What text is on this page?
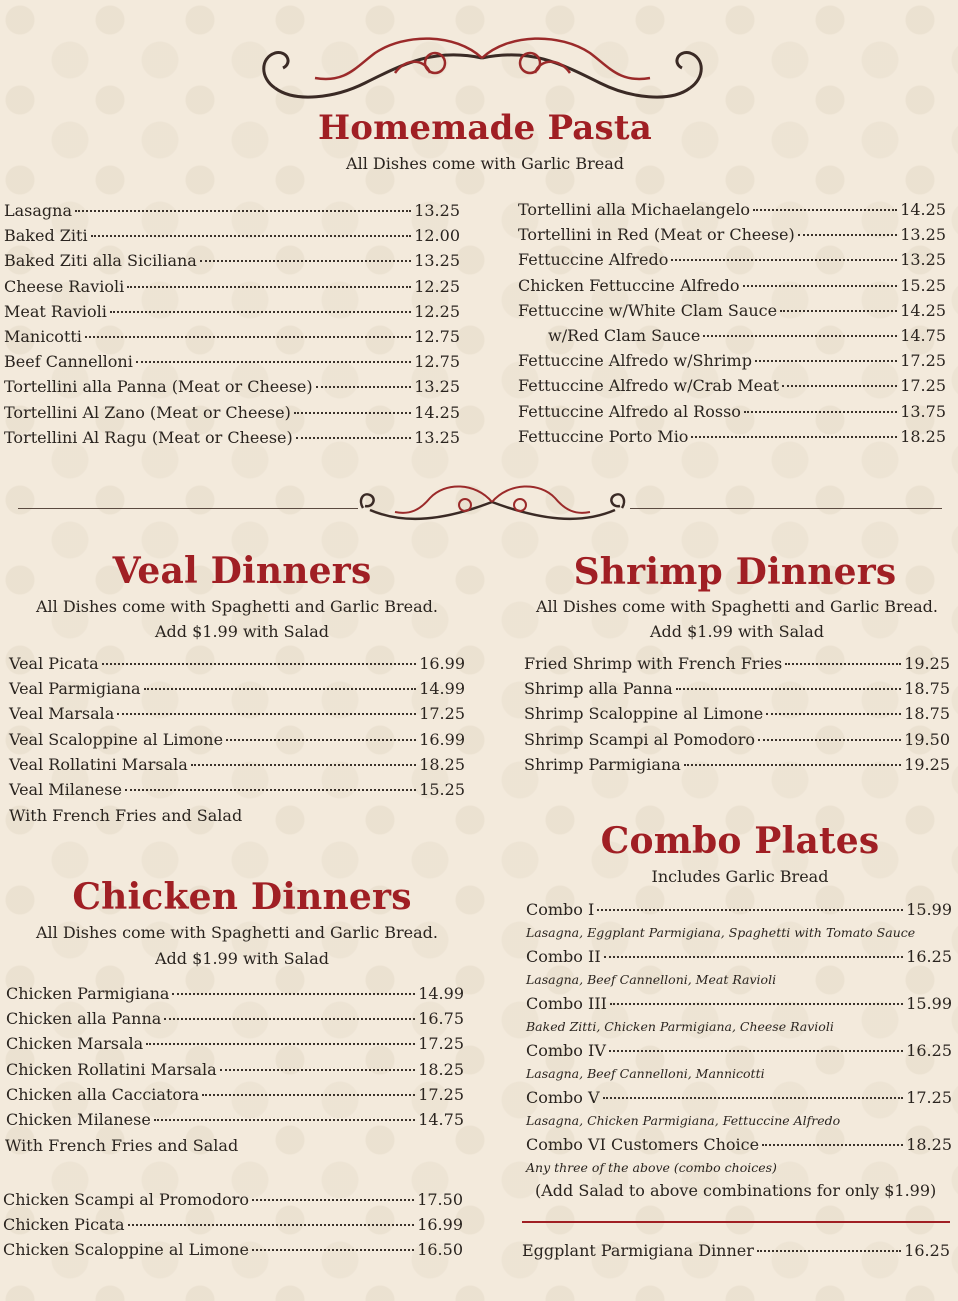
Homemade Pasta
All Dishes come with Garlic Bread
Lasagna	13.25
Baked Ziti	12.00
Baked Ziti alla Siciliana	13.25
Cheese Ravioli	12.25
Meat Ravioli	12.25
Manicotti	12.75
Beef Cannelloni	12.75
Tortellini alla Panna (Meat or Cheese)	13.25
Tortellini Al Zano (Meat or Cheese)	14.25
Tortellini Al Ragu (Meat or Cheese)	13.25
Tortellini alla Michaelangelo	14.25
Tortellini in Red (Meat or Cheese)	13.25
Fettuccine Alfredo	13.25
Chicken Fettuccine Alfredo	15.25
Fettuccine w/White Clam Sauce	14.25
w/Red Clam Sauce	14.75
Fettuccine Alfredo w/Shrimp	17.25
Fettuccine Alfredo w/Crab Meat	17.25
Fettuccine Alfredo al Rosso	13.75
Fettuccine Porto Mio	18.25
Veal Dinners
All Dishes come with Spaghetti and Garlic Bread.
Add $1.99 with Salad
Veal Picata	16.99
Veal Parmigiana	14.99
Veal Marsala	17.25
Veal Scaloppine al Limone	16.99
Veal Rollatini Marsala	18.25
Veal Milanese	15.25
With French Fries and Salad
Shrimp Dinners
All Dishes come with Spaghetti and Garlic Bread.
Add $1.99 with Salad
Fried Shrimp with French Fries	19.25
Shrimp alla Panna	18.75
Shrimp Scaloppine al Limone	18.75
Shrimp Scampi al Pomodoro	19.50
Shrimp Parmigiana	19.25
Chicken Dinners
All Dishes come with Spaghetti and Garlic Bread.
Add $1.99 with Salad
Chicken Parmigiana	14.99
Chicken alla Panna	16.75
Chicken Marsala	17.25
Chicken Rollatini Marsala	18.25
Chicken alla Cacciatora	17.25
Chicken Milanese	14.75
With French Fries and Salad
Chicken Scampi al Promodoro	17.50
Chicken Picata	16.99
Chicken Scaloppine al Limone	16.50
Combo Plates
Includes Garlic Bread
Combo I	15.99
Lasagna, Eggplant Parmigiana, Spaghetti with Tomato Sauce
Combo II	16.25
Lasagna, Beef Cannelloni, Meat Ravioli
Combo III	15.99
Baked Zitti, Chicken Parmigiana, Cheese Ravioli
Combo IV	16.25
Lasagna, Beef Cannelloni, Mannicotti
Combo V	17.25
Lasagna, Chicken Parmigiana, Fettuccine Alfredo
Combo VI Customers Choice	18.25
Any three of the above (combo choices)
(Add Salad to above combinations for only $1.99)
Eggplant Parmigiana Dinner	16.25
